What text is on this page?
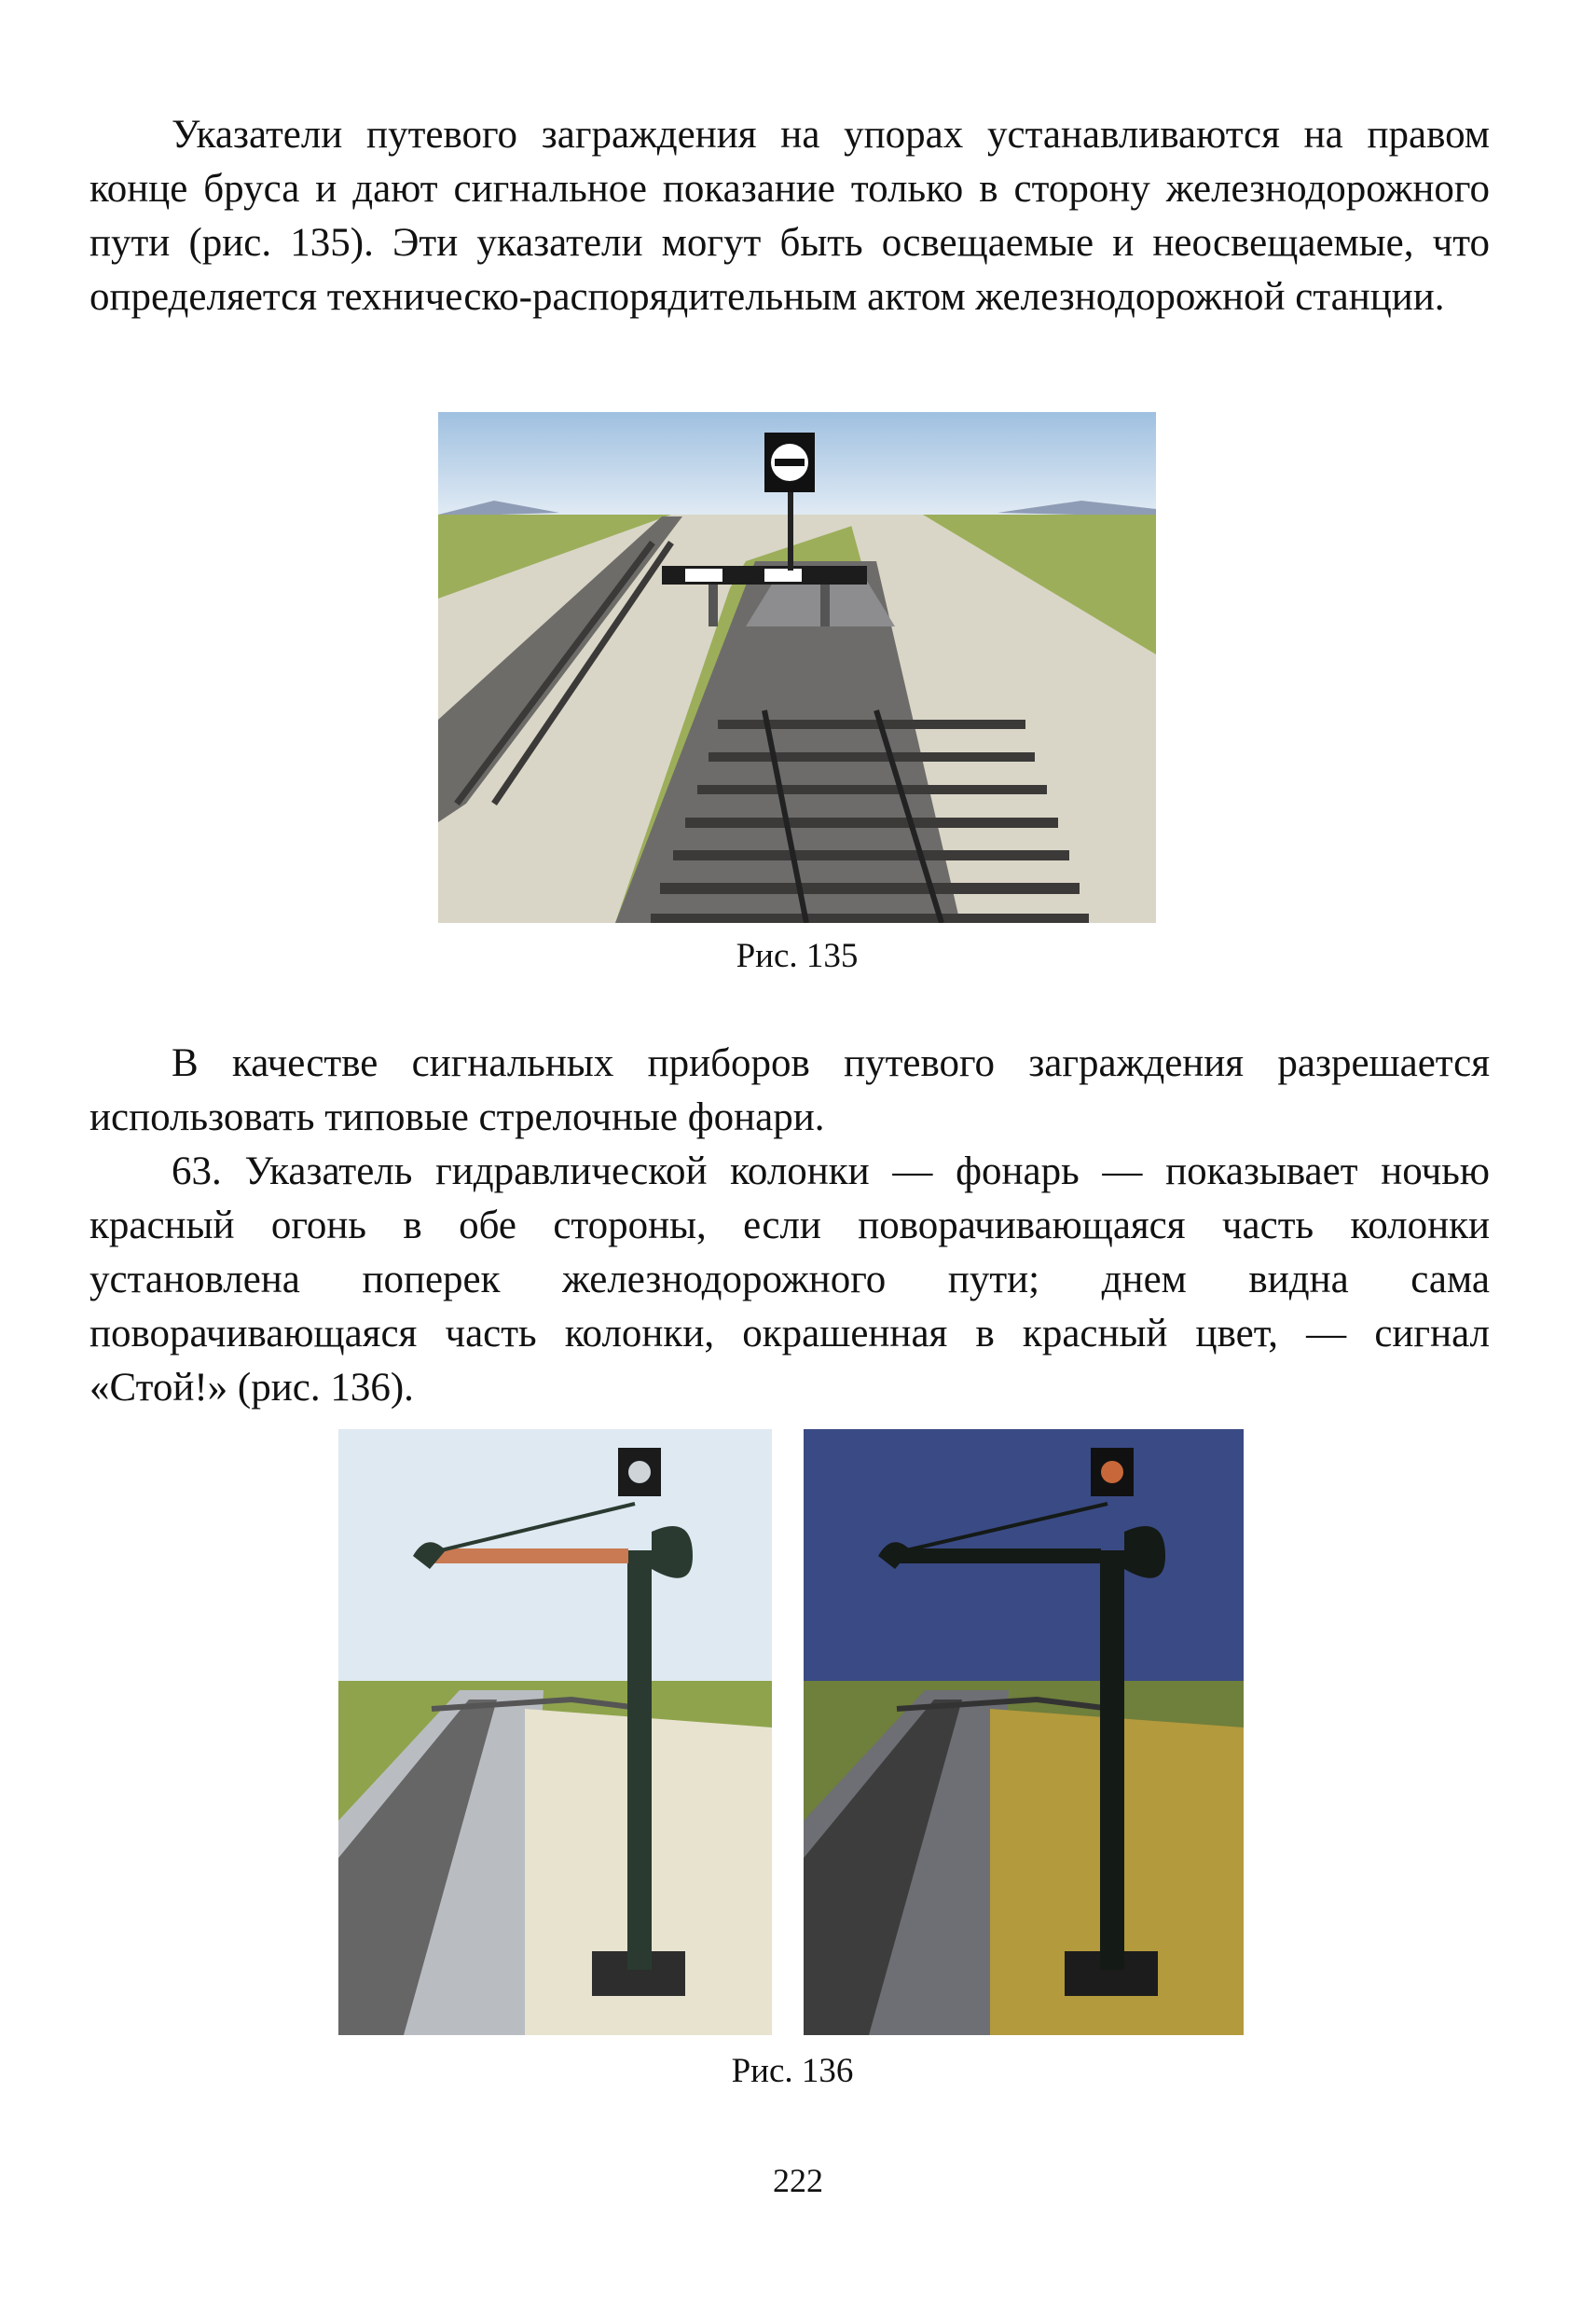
Указатели путевого заграждения на упорах устанавливаются на правом конце бруса и дают сигнальное показание только в сторону железнодорожного пути (рис. 135). Эти указатели могут быть освещаемые и неосвещаемые, что определяется техническо-распорядительным актом железнодорожной станции.

Рис. 135

В качестве сигнальных приборов путевого заграждения разрешается использовать типовые стрелочные фонари.

63. Указатель гидравлической колонки — фонарь — показывает ночью красный огонь в обе стороны, если поворачивающаяся часть колонки установлена поперек железнодорожного пути; днем видна сама поворачивающаяся часть колонки, окрашенная в красный цвет, — сигнал «Стой!» (рис. 136).

Рис. 136
222
